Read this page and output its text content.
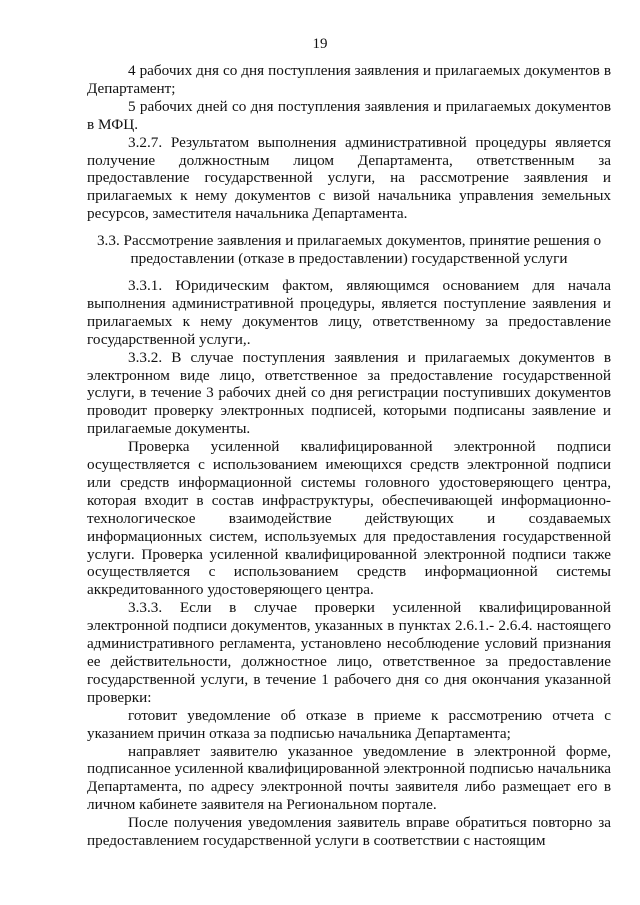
19

4 рабочих дня со дня поступления заявления и прилагаемых документов в Департамент;

5 рабочих дней со дня поступления заявления и прилагаемых документов в МФЦ.

3.2.7. Результатом выполнения административной процедуры является получение должностным лицом Департамента, ответственным за предоставление государственной услуги, на рассмотрение заявления и прилагаемых к нему документов с визой начальника управления земельных ресурсов, заместителя начальника Департамента.

3.3. Рассмотрение заявления и прилагаемых документов, принятие решения о предоставлении (отказе в предоставлении) государственной услуги

3.3.1. Юридическим фактом, являющимся основанием для начала выполнения административной процедуры, является поступление заявления и прилагаемых к нему документов лицу, ответственному за предоставление государственной услуги,.

3.3.2. В случае поступления заявления и прилагаемых документов в электронном виде лицо, ответственное за предоставление государственной услуги, в течение 3 рабочих дней со дня регистрации поступивших документов проводит проверку электронных подписей, которыми подписаны заявление и прилагаемые документы.

Проверка усиленной квалифицированной электронной подписи осуществляется с использованием имеющихся средств электронной подписи или средств информационной системы головного удостоверяющего центра, которая входит в состав инфраструктуры, обеспечивающей информационно-технологическое взаимодействие действующих и создаваемых информационных систем, используемых для предоставления государственной услуги. Проверка усиленной квалифицированной электронной подписи также осуществляется с использованием средств информационной системы аккредитованного удостоверяющего центра.

3.3.3. Если в случае проверки усиленной квалифицированной электронной подписи документов, указанных в пунктах 2.6.1.- 2.6.4. настоящего административного регламента, установлено несоблюдение условий признания ее действительности, должностное лицо, ответственное за предоставление государственной услуги, в течение 1 рабочего дня со дня окончания указанной проверки:

готовит уведомление об отказе в приеме к рассмотрению отчета с указанием причин отказа за подписью начальника Департамента;

направляет заявителю указанное уведомление в электронной форме, подписанное усиленной квалифицированной электронной подписью начальника Департамента, по адресу электронной почты заявителя либо размещает его в личном кабинете заявителя на Региональном портале.

После получения уведомления заявитель вправе обратиться повторно за предоставлением государственной услуги в соответствии с настоящим
